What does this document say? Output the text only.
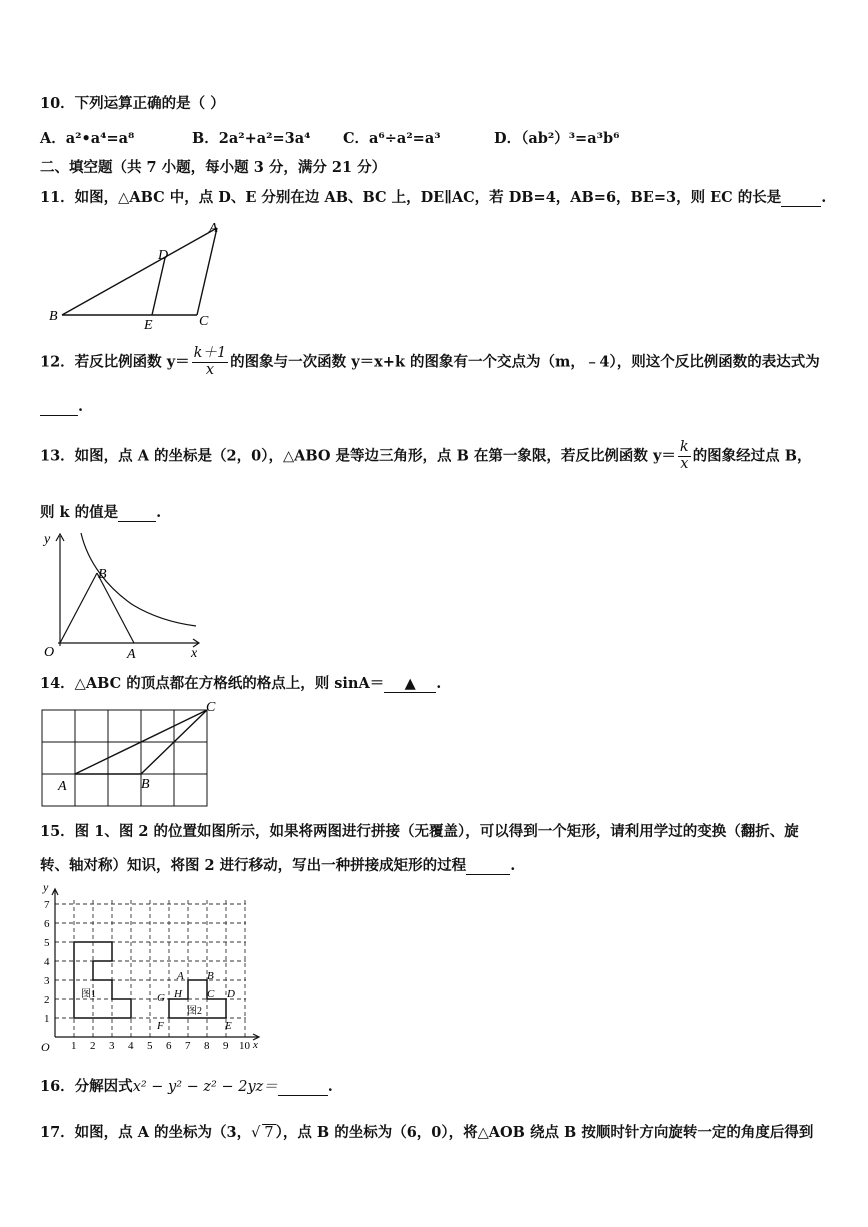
10．下列运算正确的是（ ）
A．a²•a⁴=a⁸	B．2a²+a²=3a⁴ C．a⁶÷a²=a³	D．（ab²）³=a³b⁶
二、填空题（共 7 小题，每小题 3 分，满分 21 分）
11．如图，△ABC 中，点 D、E 分别在边 AB、BC 上，DE∥AC，若 DB=4，AB=6，BE=3，则 EC 的长是	.
A
B	C
D
E
12．若反比例函数 $y= \frac{k+1}{x}$ 的图象与一次函数 y＝x+k 的图象有一个交点为（m，﹣4），则这个反比例函数的表达式为
.
13．如图，点 A 的坐标是（2，0），△ABO 是等边三角形，点 B 在第一象限，若反比例函数 $y= \frac{k}{x}$ 的图象经过点 B，
则 k 的值是	.
y
x
O	A
B
14．△ABC 的顶点都在方格纸的格点上，则 sinA＝ ▲ .
A	B
C
15．图 1、图 2 的位置如图所示，如果将两图进行拼接（无覆盖），可以得到一个矩形，请利用学过的变换（翻折、旋
转、轴对称）知识，将图 2 进行移动，写出一种拼接成矩形的过程	.
1
2
3
4
5
6
7
1 2 3 4 5 6 7 8 9 10
O	x
y
图1
图2
A B
C D
E
F
G H
16．分解因式x² − y² − z² − 2yz＝	.
17．如图，点 A 的坐标为（3，√ 7 ），点 B 的坐标为（6，0），将△AOB 绕点 B 按顺时针方向旋转一定的角度后得到
